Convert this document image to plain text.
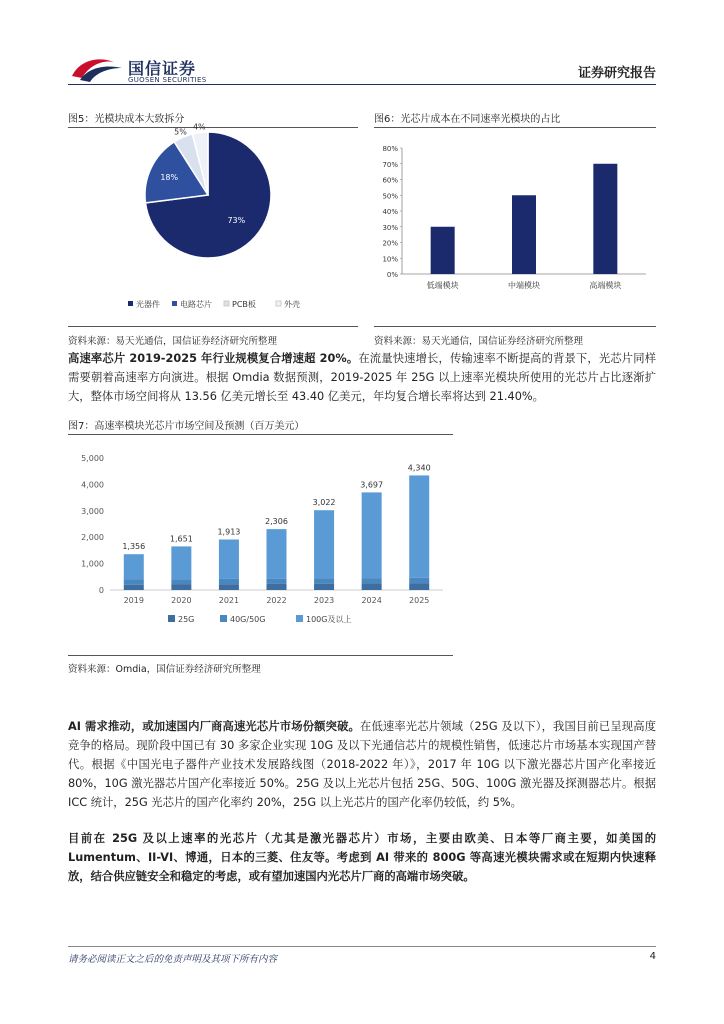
国信证券
GUOSEN SECURITIES	证券研究报告
图5：光模块成本大致拆分
73%
18%
5%
4%
光器件	电路芯片	PCB板	外壳
资料来源：易天光通信，国信证券经济研究所整理
图6：光芯片成本在不同速率光模块的占比
0%
10%
20%
30%
40%
50%
60%
70%
80%
低端模块	中端模块	高端模块
资料来源：易天光通信，国信证券经济研究所整理
高速率芯片 2019-2025 年行业规模复合增速超 20%。在流量快速增长，传输速率不断提高的背景下，光芯片同样需要朝着高速率方向演进。根据 Omdia 数据预测，2019-2025 年 25G 以上速率光模块所使用的光芯片占比逐渐扩大，整体市场空间将从 13.56 亿美元增长至 43.40 亿美元，年均复合增长率将达到 21.40%。
图7：高速率模块光芯片市场空间及预测（百万美元）
0
1,000
2,000
3,000
4,000
5,000
1,356
2019
1,651
2020
1,913
2021
2,306
2022
3,022
2023
3,697
2024
4,340
2025
25G	40G/50G	100G及以上
资料来源：Omdia，国信证券经济研究所整理
AI 需求推动，或加速国内厂商高速光芯片市场份额突破。在低速率光芯片领域（25G 及以下），我国目前已呈现高度竞争的格局。现阶段中国已有 30 多家企业实现 10G 及以下光通信芯片的规模性销售，低速芯片市场基本实现国产替代。根据《中国光电子器件产业技术发展路线图（2018-2022 年）》，2017 年 10G 以下激光器芯片国产化率接近 80%，10G 激光器芯片国产化率接近 50%。25G 及以上光芯片包括 25G、50G、100G 激光器及探测器芯片。根据 ICC 统计，25G 光芯片的国产化率约 20%，25G 以上光芯片的国产化率仍较低，约 5%。
目前在 25G 及以上速率的光芯片（尤其是激光器芯片）市场，主要由欧美、日本等厂商主要，如美国的 Lumentum、II-VI、博通，日本的三菱、住友等。考虑到 AI 带来的 800G 等高速光模块需求或在短期内快速释放，结合供应链安全和稳定的考虑，或有望加速国内光芯片厂商的高端市场突破。
请务必阅读正文之后的免责声明及其项下所有内容	4
